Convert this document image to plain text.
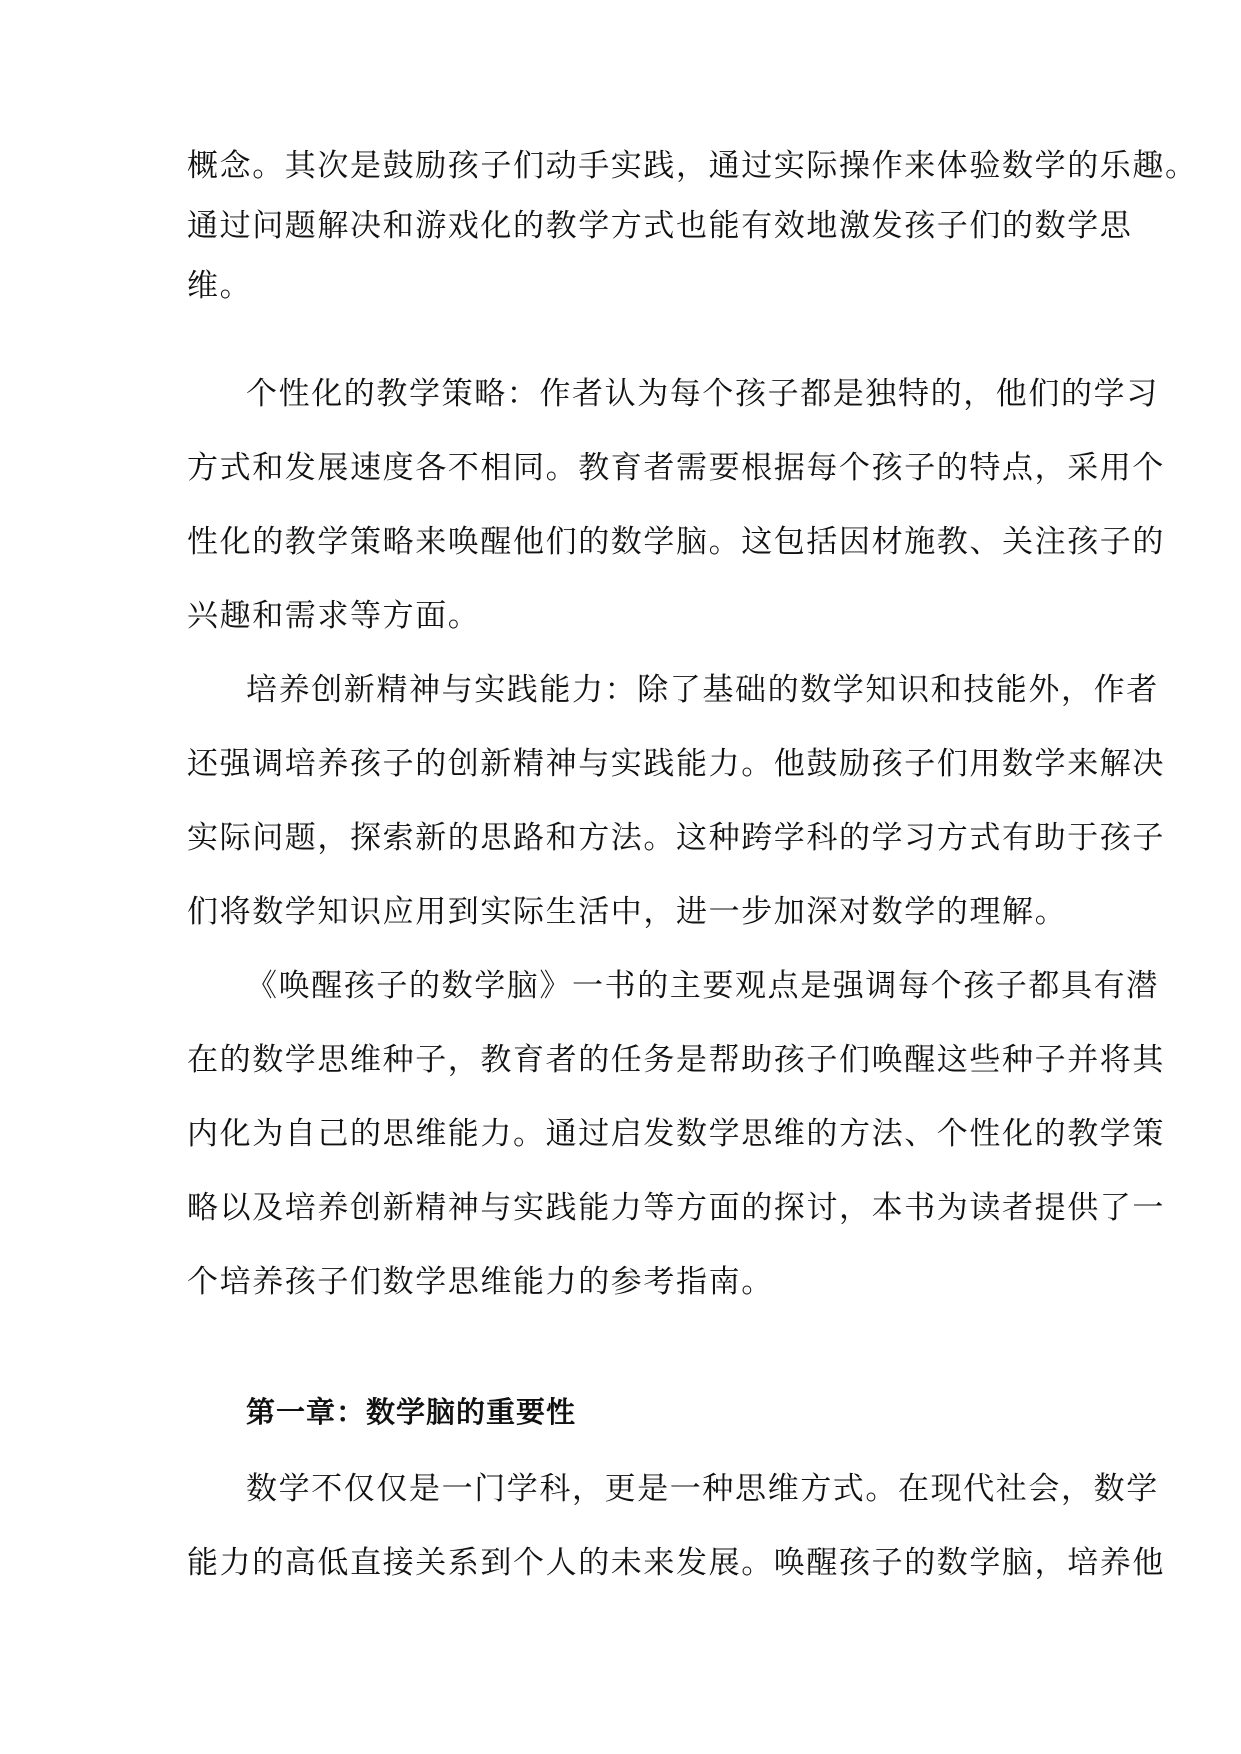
概念。其次是鼓励孩子们动手实践，通过实际操作来体验数学的乐趣。
通过问题解决和游戏化的教学方式也能有效地激发孩子们的数学思
维。
个性化的教学策略：作者认为每个孩子都是独特的，他们的学习
方式和发展速度各不相同。教育者需要根据每个孩子的特点，采用个
性化的教学策略来唤醒他们的数学脑。这包括因材施教、关注孩子的
兴趣和需求等方面。
培养创新精神与实践能力：除了基础的数学知识和技能外，作者
还强调培养孩子的创新精神与实践能力。他鼓励孩子们用数学来解决
实际问题，探索新的思路和方法。这种跨学科的学习方式有助于孩子
们将数学知识应用到实际生活中，进一步加深对数学的理解。
《唤醒孩子的数学脑》一书的主要观点是强调每个孩子都具有潜
在的数学思维种子，教育者的任务是帮助孩子们唤醒这些种子并将其
内化为自己的思维能力。通过启发数学思维的方法、个性化的教学策
略以及培养创新精神与实践能力等方面的探讨，本书为读者提供了一
个培养孩子们数学思维能力的参考指南。
第一章：数学脑的重要性
数学不仅仅是一门学科，更是一种思维方式。在现代社会，数学
能力的高低直接关系到个人的未来发展。唤醒孩子的数学脑，培养他
